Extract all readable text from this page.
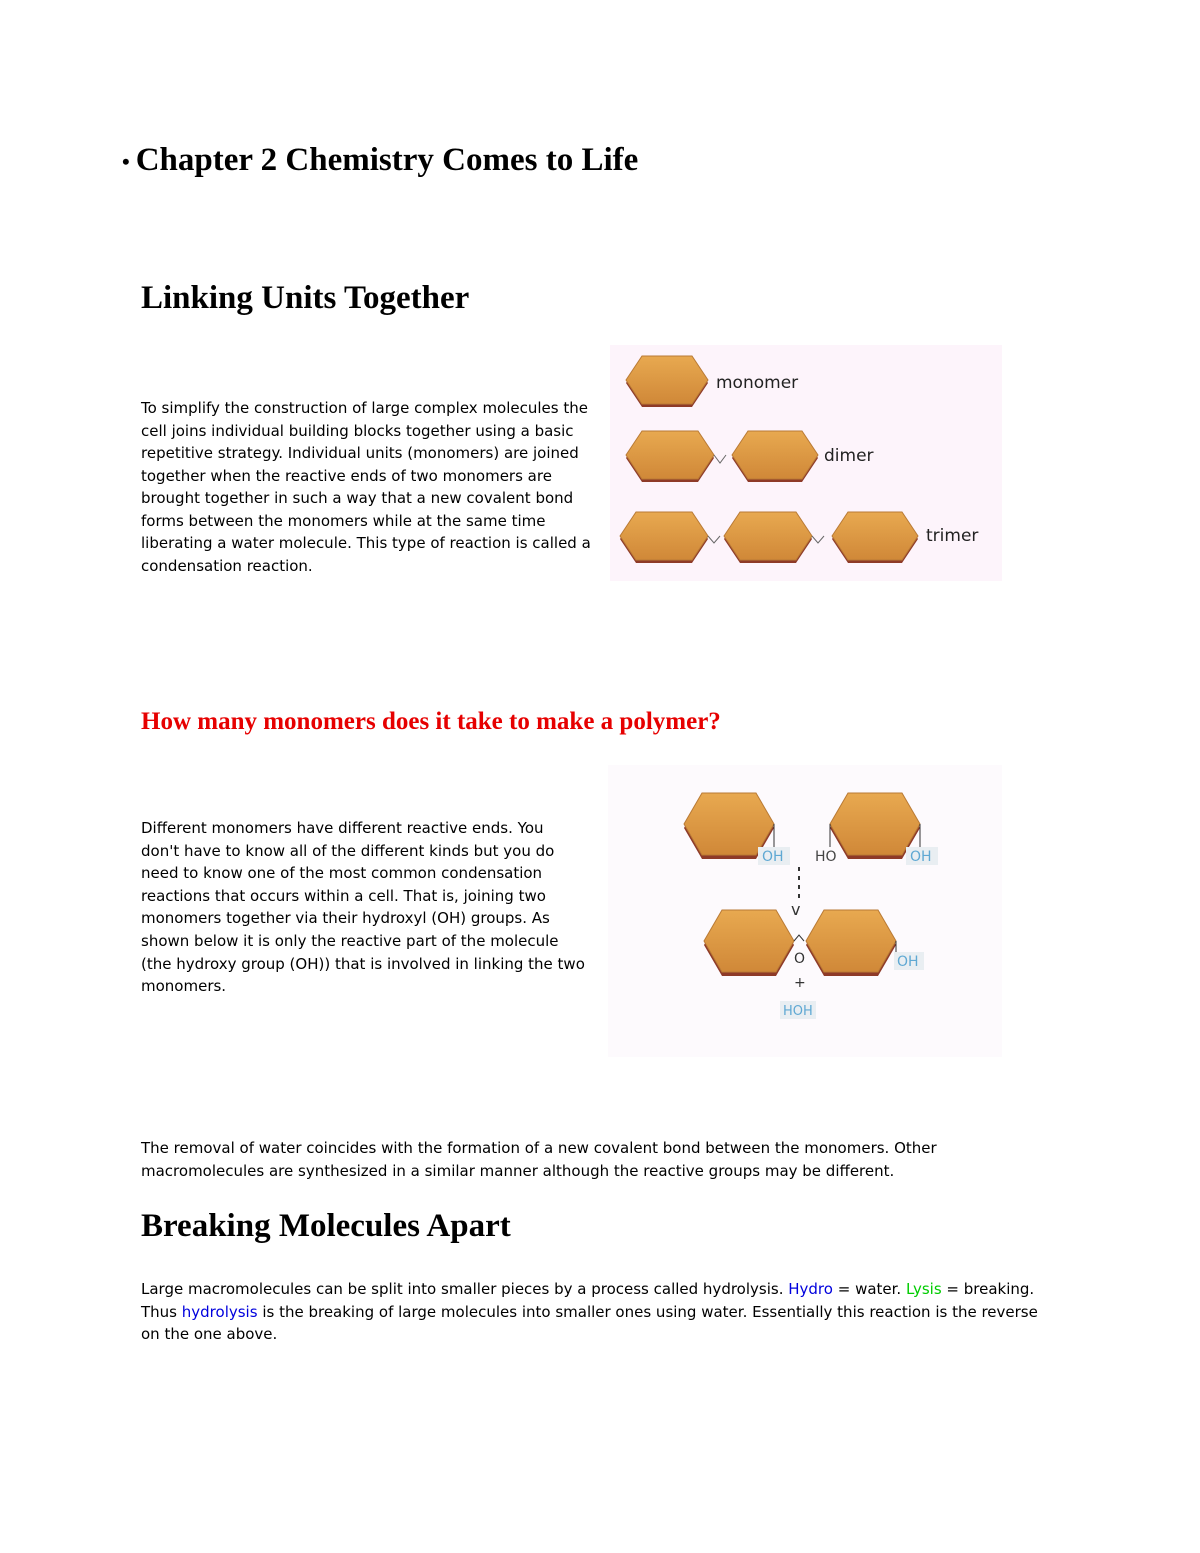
• Chapter 2 Chemistry Comes to Life
Linking Units Together
To simplify the construction of large complex molecules the cell joins individual building blocks together using a basic repetitive strategy. Individual units (monomers) are joined together when the reactive ends of two monomers are brought together in such a way that a new covalent bond forms between the monomers while at the same time liberating a water molecule. This type of reaction is called a condensation reaction.
monomer
dimer
trimer
How many monomers does it take to make a polymer?
Different monomers have different reactive ends. You don't have to know all of the different kinds but you do need to know one of the most common condensation reactions that occurs within a cell. That is, joining two monomers together via their hydroxyl (OH) groups. As shown below it is only the reactive part of the molecule (the hydroxy group (OH)) that is involved in linking the two monomers.
OH HO	OH
v
O	OH
+
HOH
The removal of water coincides with the formation of a new covalent bond between the monomers. Other macromolecules are synthesized in a similar manner although the reactive groups may be different.
Breaking Molecules Apart
Large macromolecules can be split into smaller pieces by a process called hydrolysis. Hydro = water. Lysis = breaking. Thus hydrolysis is the breaking of large molecules into smaller ones using water. Essentially this reaction is the reverse on the one above.
